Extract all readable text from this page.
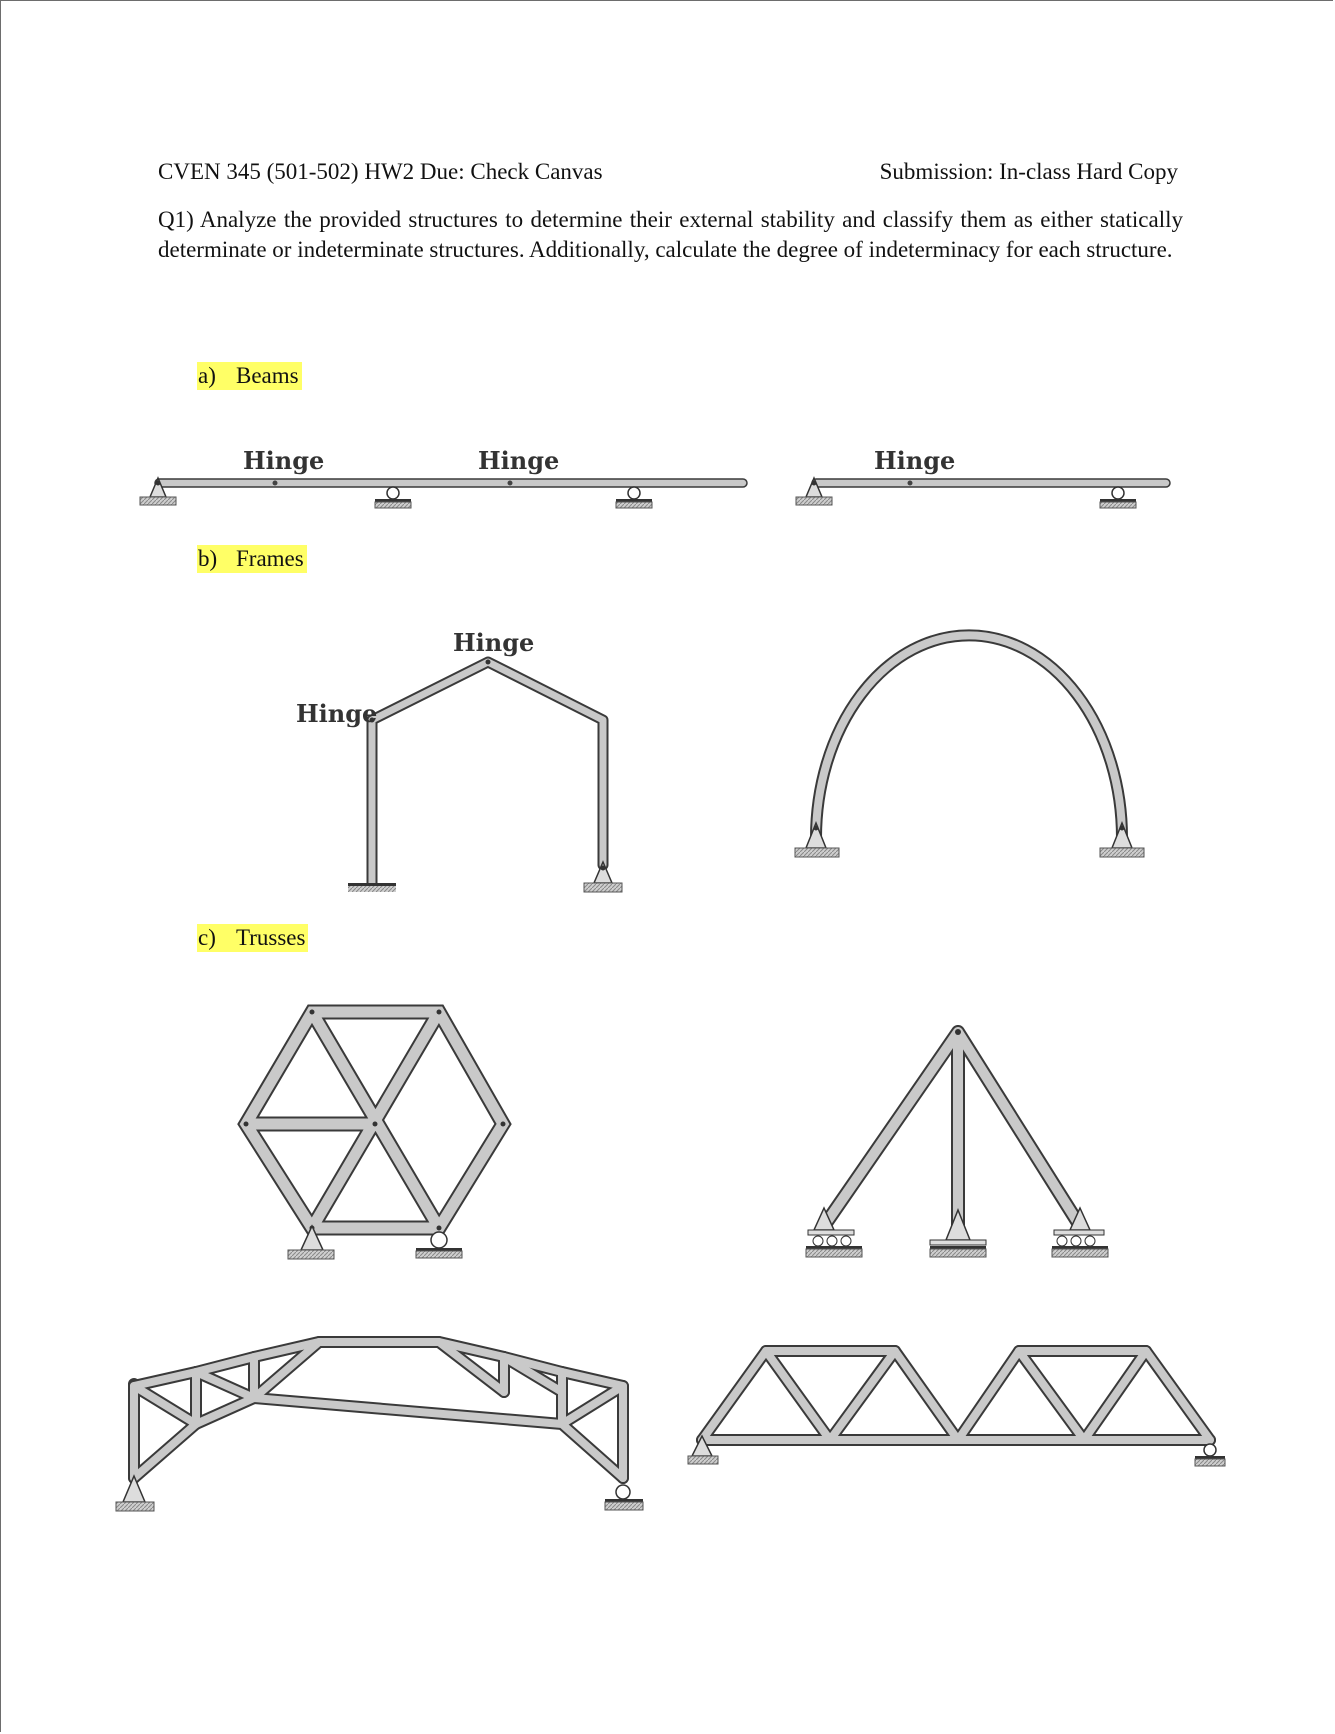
CVEN 345 (501-502) HW2 Due: Check Canvas	Submission: In-class Hard Copy

Q1) Analyze the provided structures to determine their external stability and classify them as either statically determinate or indeterminate structures. Additionally, calculate the degree of indeterminacy for each structure.

a) Beams
b) Frames
c) Trusses
Hinge	Hinge	Hinge
Hinge
Hinge
